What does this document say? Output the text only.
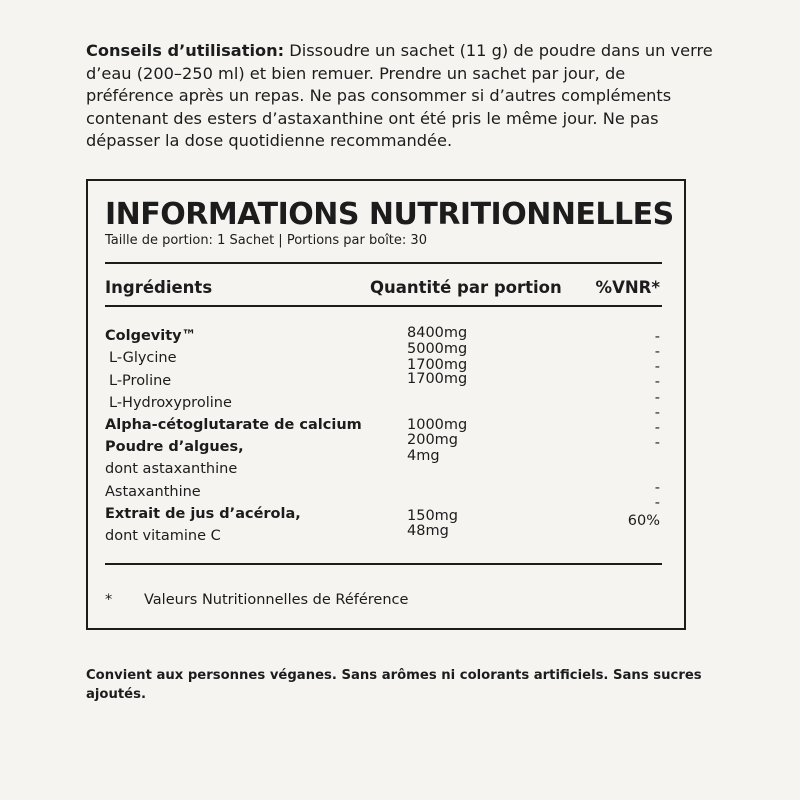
Conseils d’utilisation: Dissoudre un sachet (11 g) de poudre dans un verre d’eau (200–250 ml) et bien remuer. Prendre un sachet par jour, de préférence après un repas. Ne pas consommer si d’autres compléments contenant des esters d’astaxanthine ont été pris le même jour. Ne pas dépasser la dose quotidienne recommandée.

INFORMATIONS NUTRITIONNELLES
Taille de portion: 1 Sachet | Portions par boîte: 30
Ingrédients	Quantité par portion %VNR*
Colgevity™
L-Glycine
L-Proline
L-Hydroxyproline
Alpha-cétoglutarate de calcium
Poudre d’algues,
dont astaxanthine
Astaxanthine
Extrait de jus d’acérola,
dont vitamine C
8400mg
5000mg
1700mg
1700mg
1000mg
200mg
4mg
150mg
48mg
-
-
-
-
-
-
-
-
-
-
60%
* Valeurs Nutritionnelles de Référence

Convient aux personnes véganes. Sans arômes ni colorants artificiels. Sans sucres ajoutés.
